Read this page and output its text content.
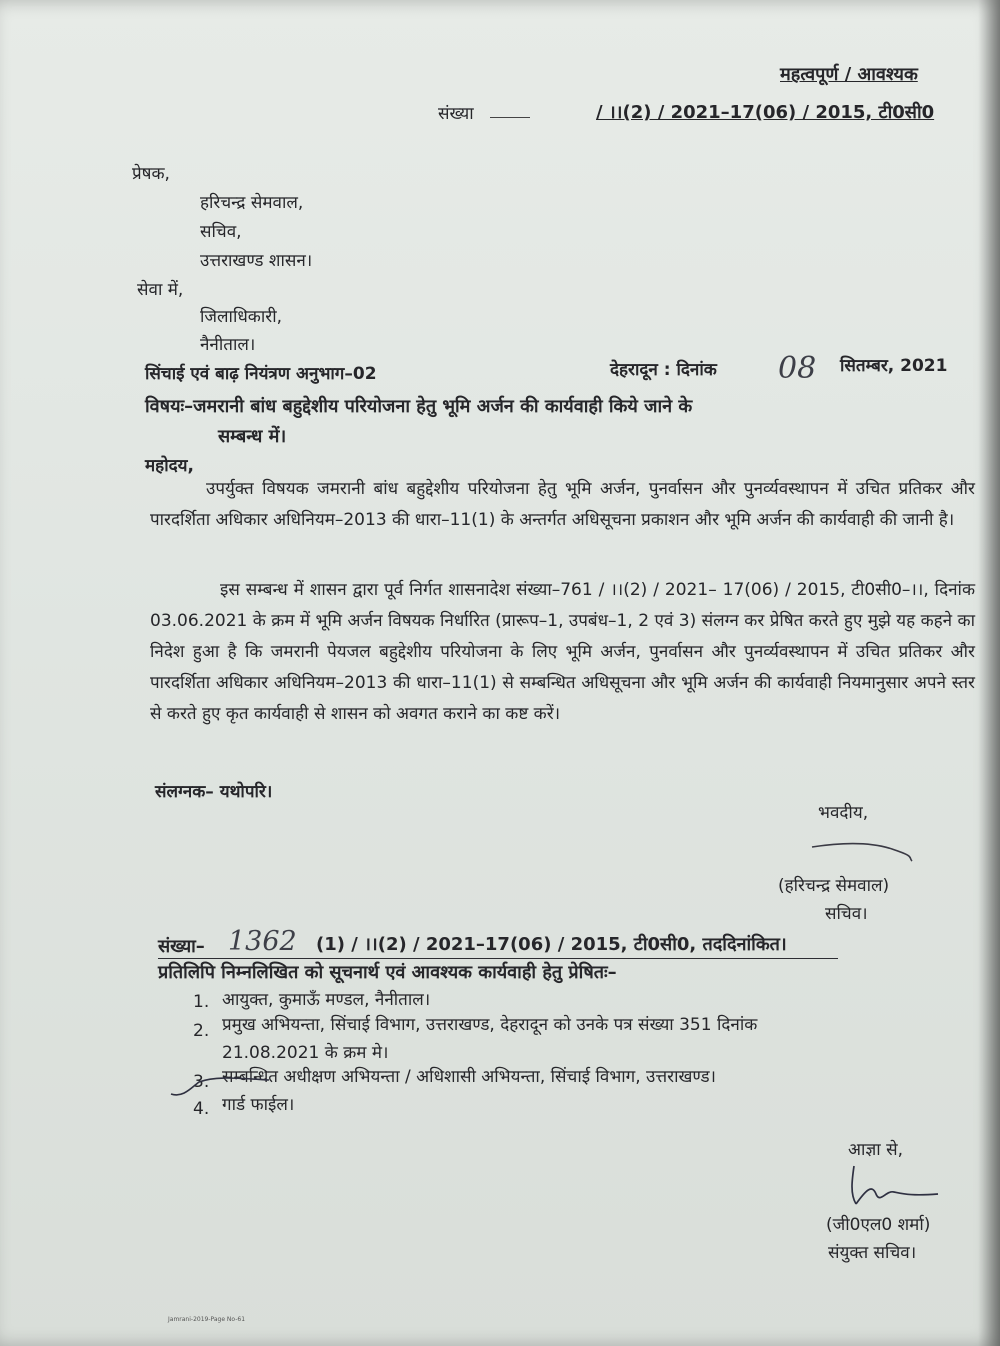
महत्वपूर्ण / आवश्यक
संख्या	/ ।।(2) / 2021–17(06) / 2015, टी0सी0
प्रेषक,
हरिचन्द्र सेमवाल,
सचिव,
उत्तराखण्ड शासन।
सेवा में,
जिलाधिकारी,
नैनीताल।
सिंचाई एवं बाढ़ नियंत्रण अनुभाग–02	देहरादून : दिनांक 08 सितम्बर, 2021
विषयः–जमरानी बांध बहुद्देशीय परियोजना हेतु भूमि अर्जन की कार्यवाही किये जाने के
सम्बन्ध में।
महोदय,
उपर्युक्त विषयक जमरानी बांध बहुद्देशीय परियोजना हेतु भूमि अर्जन, पुनर्वासन और पुनर्व्यवस्थापन में उचित प्रतिकर और पारदर्शिता अधिकार अधिनियम–2013 की धारा–11(1) के अन्तर्गत अधिसूचना प्रकाशन और भूमि अर्जन की कार्यवाही की जानी है।
इस सम्बन्ध में शासन द्वारा पूर्व निर्गत शासनादेश संख्या–761 / ।।(2) / 2021– 17(06) / 2015, टी0सी0–।।, दिनांक 03.06.2021 के क्रम में भूमि अर्जन विषयक निर्धारित (प्रारूप–1, उपबंध–1, 2 एवं 3) संलग्न कर प्रेषित करते हुए मुझे यह कहने का निदेश हुआ है कि जमरानी पेयजल बहुद्देशीय परियोजना के लिए भूमि अर्जन, पुनर्वासन और पुनर्व्यवस्थापन में उचित प्रतिकर और पारदर्शिता अधिकार अधिनियम–2013 की धारा–11(1) से सम्बन्धित अधिसूचना और भूमि अर्जन की कार्यवाही नियमानुसार अपने स्तर से करते हुए कृत कार्यवाही से शासन को अवगत कराने का कष्ट करें।
संलग्नक– यथोपरि।
भवदीय,
(हरिचन्द्र सेमवाल)
सचिव।
संख्या– 1362 (1) / ।।(2) / 2021–17(06) / 2015, टी0सी0, तददिनांकित।
प्रतिलिपि निम्नलिखित को सूचनार्थ एवं आवश्यक कार्यवाही हेतु प्रेषितः–
1. आयुक्त, कुमाऊँ मण्डल, नैनीताल।
2. प्रमुख अभियन्ता, सिंचाई विभाग, उत्तराखण्ड, देहरादून को उनके पत्र संख्या 351 दिनांक
21.08.2021 के क्रम मे।
3. सम्बन्धित अधीक्षण अभियन्ता / अधिशासी अभियन्ता, सिंचाई विभाग, उत्तराखण्ड।
4. गार्ड फाईल।
आज्ञा से,
(जी0एल0 शर्मा)
संयुक्त सचिव।
Jamrani-2019-Page No-61
